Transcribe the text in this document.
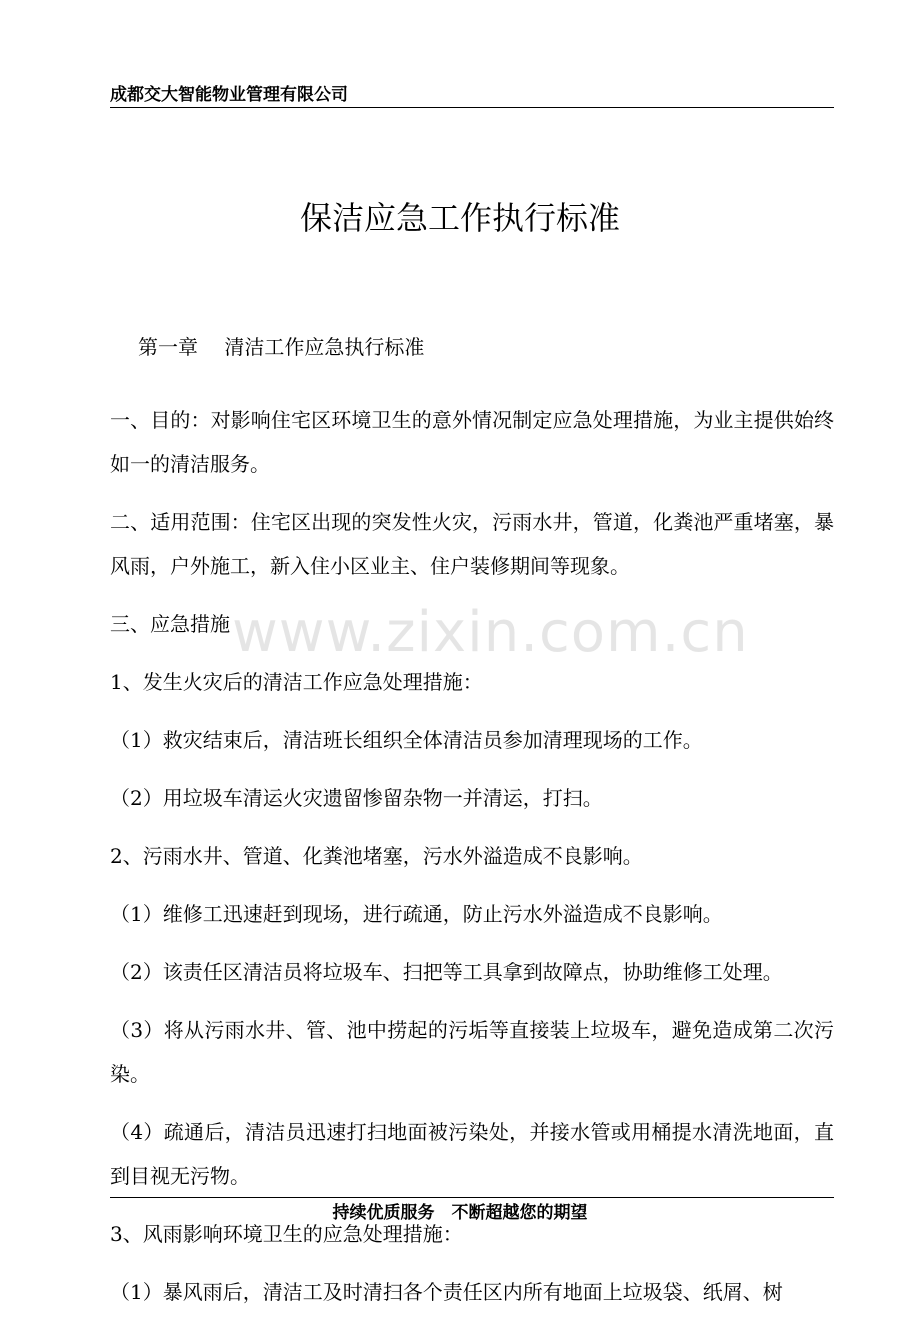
成都交大智能物业管理有限公司
保洁应急工作执行标准
第一章　 清洁工作应急执行标准

一、目的：对影响住宅区环境卫生的意外情况制定应急处理措施，为业主提供始终如一的清洁服务。

二、适用范围：住宅区出现的突发性火灾，污雨水井，管道，化粪池严重堵塞，暴风雨，户外施工，新入住小区业主、住户装修期间等现象。

三、应急措施

1、发生火灾后的清洁工作应急处理措施：

（1）救灾结束后，清洁班长组织全体清洁员参加清理现场的工作。

（2）用垃圾车清运火灾遗留惨留杂物一并清运，打扫。

2、污雨水井、管道、化粪池堵塞，污水外溢造成不良影响。

（1）维修工迅速赶到现场，进行疏通，防止污水外溢造成不良影响。

（2）该责任区清洁员将垃圾车、扫把等工具拿到故障点，协助维修工处理。

（3）将从污雨水井、管、池中捞起的污垢等直接装上垃圾车，避免造成第二次污染。

（4）疏通后，清洁员迅速打扫地面被污染处，并接水管或用桶提水清洗地面，直到目视无污物。

3、风雨影响环境卫生的应急处理措施：

（1）暴风雨后，清洁工及时清扫各个责任区内所有地面上垃圾袋、纸屑、树

www.zixin.com.cn
持续优质服务　不断超越您的期望
